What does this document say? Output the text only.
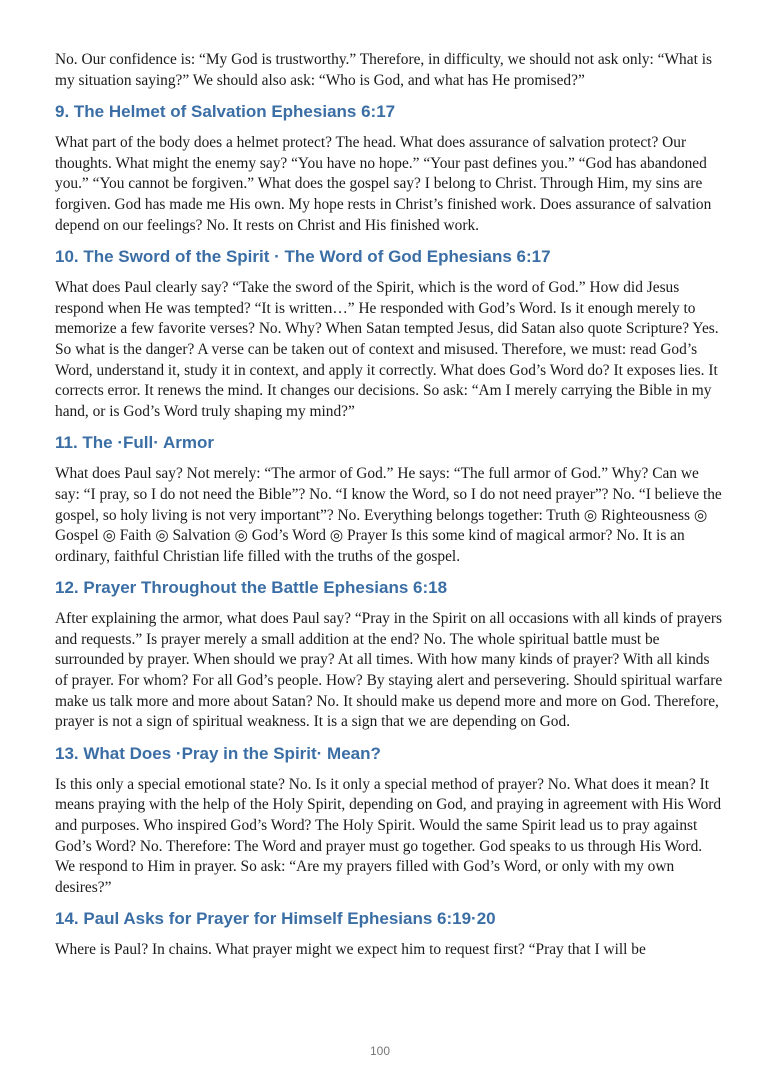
No. Our confidence is: “My God is trustworthy.” Therefore, in difficulty, we should not ask only: “What is my situation saying?” We should also ask: “Who is God, and what has He promised?”

9. The Helmet of Salvation Ephesians 6:17

What part of the body does a helmet protect? The head. What does assurance of salvation protect? Our thoughts. What might the enemy say? “You have no hope.” “Your past defines you.” “God has abandoned you.” “You cannot be forgiven.” What does the gospel say? I belong to Christ. Through Him, my sins are forgiven. God has made me His own. My hope rests in Christ’s finished work. Does assurance of salvation depend on our feelings? No. It rests on Christ and His finished work.

10. The Sword of the Spirit · The Word of God Ephesians 6:17

What does Paul clearly say? “Take the sword of the Spirit, which is the word of God.” How did Jesus respond when He was tempted? “It is written…” He responded with God’s Word. Is it enough merely to memorize a few favorite verses? No. Why? When Satan tempted Jesus, did Satan also quote Scripture? Yes. So what is the danger? A verse can be taken out of context and misused. Therefore, we must: read God’s Word, understand it, study it in context, and apply it correctly. What does God’s Word do? It exposes lies. It corrects error. It renews the mind. It changes our decisions. So ask: “Am I merely carrying the Bible in my hand, or is God’s Word truly shaping my mind?”

11. The ·Full· Armor

What does Paul say? Not merely: “The armor of God.” He says: “The full armor of God.” Why? Can we say: “I pray, so I do not need the Bible”? No. “I know the Word, so I do not need prayer”? No. “I believe the gospel, so holy living is not very important”? No. Everything belongs together: Truth ◎ Righteousness ◎ Gospel ◎ Faith ◎ Salvation ◎ God’s Word ◎ Prayer Is this some kind of magical armor? No. It is an ordinary, faithful Christian life filled with the truths of the gospel.

12. Prayer Throughout the Battle Ephesians 6:18

After explaining the armor, what does Paul say? “Pray in the Spirit on all occasions with all kinds of prayers and requests.” Is prayer merely a small addition at the end? No. The whole spiritual battle must be surrounded by prayer. When should we pray? At all times. With how many kinds of prayer? With all kinds of prayer. For whom? For all God’s people. How? By staying alert and persevering. Should spiritual warfare make us talk more and more about Satan? No. It should make us depend more and more on God. Therefore, prayer is not a sign of spiritual weakness. It is a sign that we are depending on God.

13. What Does ·Pray in the Spirit· Mean?

Is this only a special emotional state? No. Is it only a special method of prayer? No. What does it mean? It means praying with the help of the Holy Spirit, depending on God, and praying in agreement with His Word and purposes. Who inspired God’s Word? The Holy Spirit. Would the same Spirit lead us to pray against God’s Word? No. Therefore: The Word and prayer must go together. God speaks to us through His Word. We respond to Him in prayer. So ask: “Are my prayers filled with God’s Word, or only with my own desires?”

14. Paul Asks for Prayer for Himself Ephesians 6:19·20

Where is Paul? In chains. What prayer might we expect him to request first? “Pray that I will be

100
